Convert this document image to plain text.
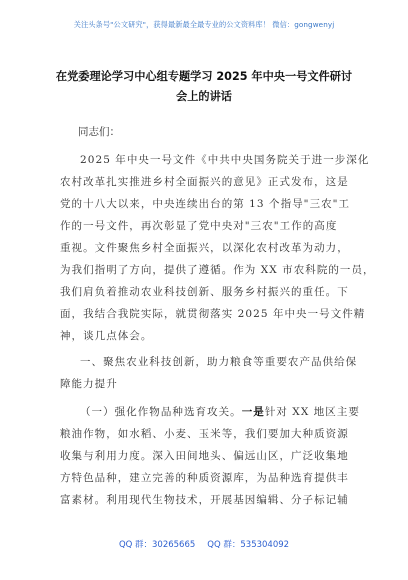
关注头条号"公文研究"，获得最新最全最专业的公文资料库！ 微信：gongwenyj
在党委理论学习中心组专题学习 2025 年中央一号文件研讨
会上的讲话
同志们：
2025 年中央一号文件《中共中央国务院关于进一步深化
农村改革扎实推进乡村全面振兴的意见》正式发布，这是
党的十八大以来，中央连续出台的第 13 个指导"三农"工
作的一号文件，再次彰显了党中央对"三农"工作的高度
重视。文件聚焦乡村全面振兴，以深化农村改革为动力，
为我们指明了方向，提供了遵循。作为 XX 市农科院的一员，
我们肩负着推动农业科技创新、服务乡村振兴的重任。下
面，我结合我院实际，就贯彻落实 2025 年中央一号文件精
神，谈几点体会。
一、聚焦农业科技创新，助力粮食等重要农产品供给保
障能力提升
（一）强化作物品种选育攻关。一是针对 XX 地区主要
粮油作物，如水稻、小麦、玉米等，我们要加大种质资源
收集与利用力度。深入田间地头、偏远山区，广泛收集地
方特色品种，建立完善的种质资源库，为品种选育提供丰
富素材。利用现代生物技术，开展基因编辑、分子标记辅
QQ 群：30265665 QQ 群：535304092
